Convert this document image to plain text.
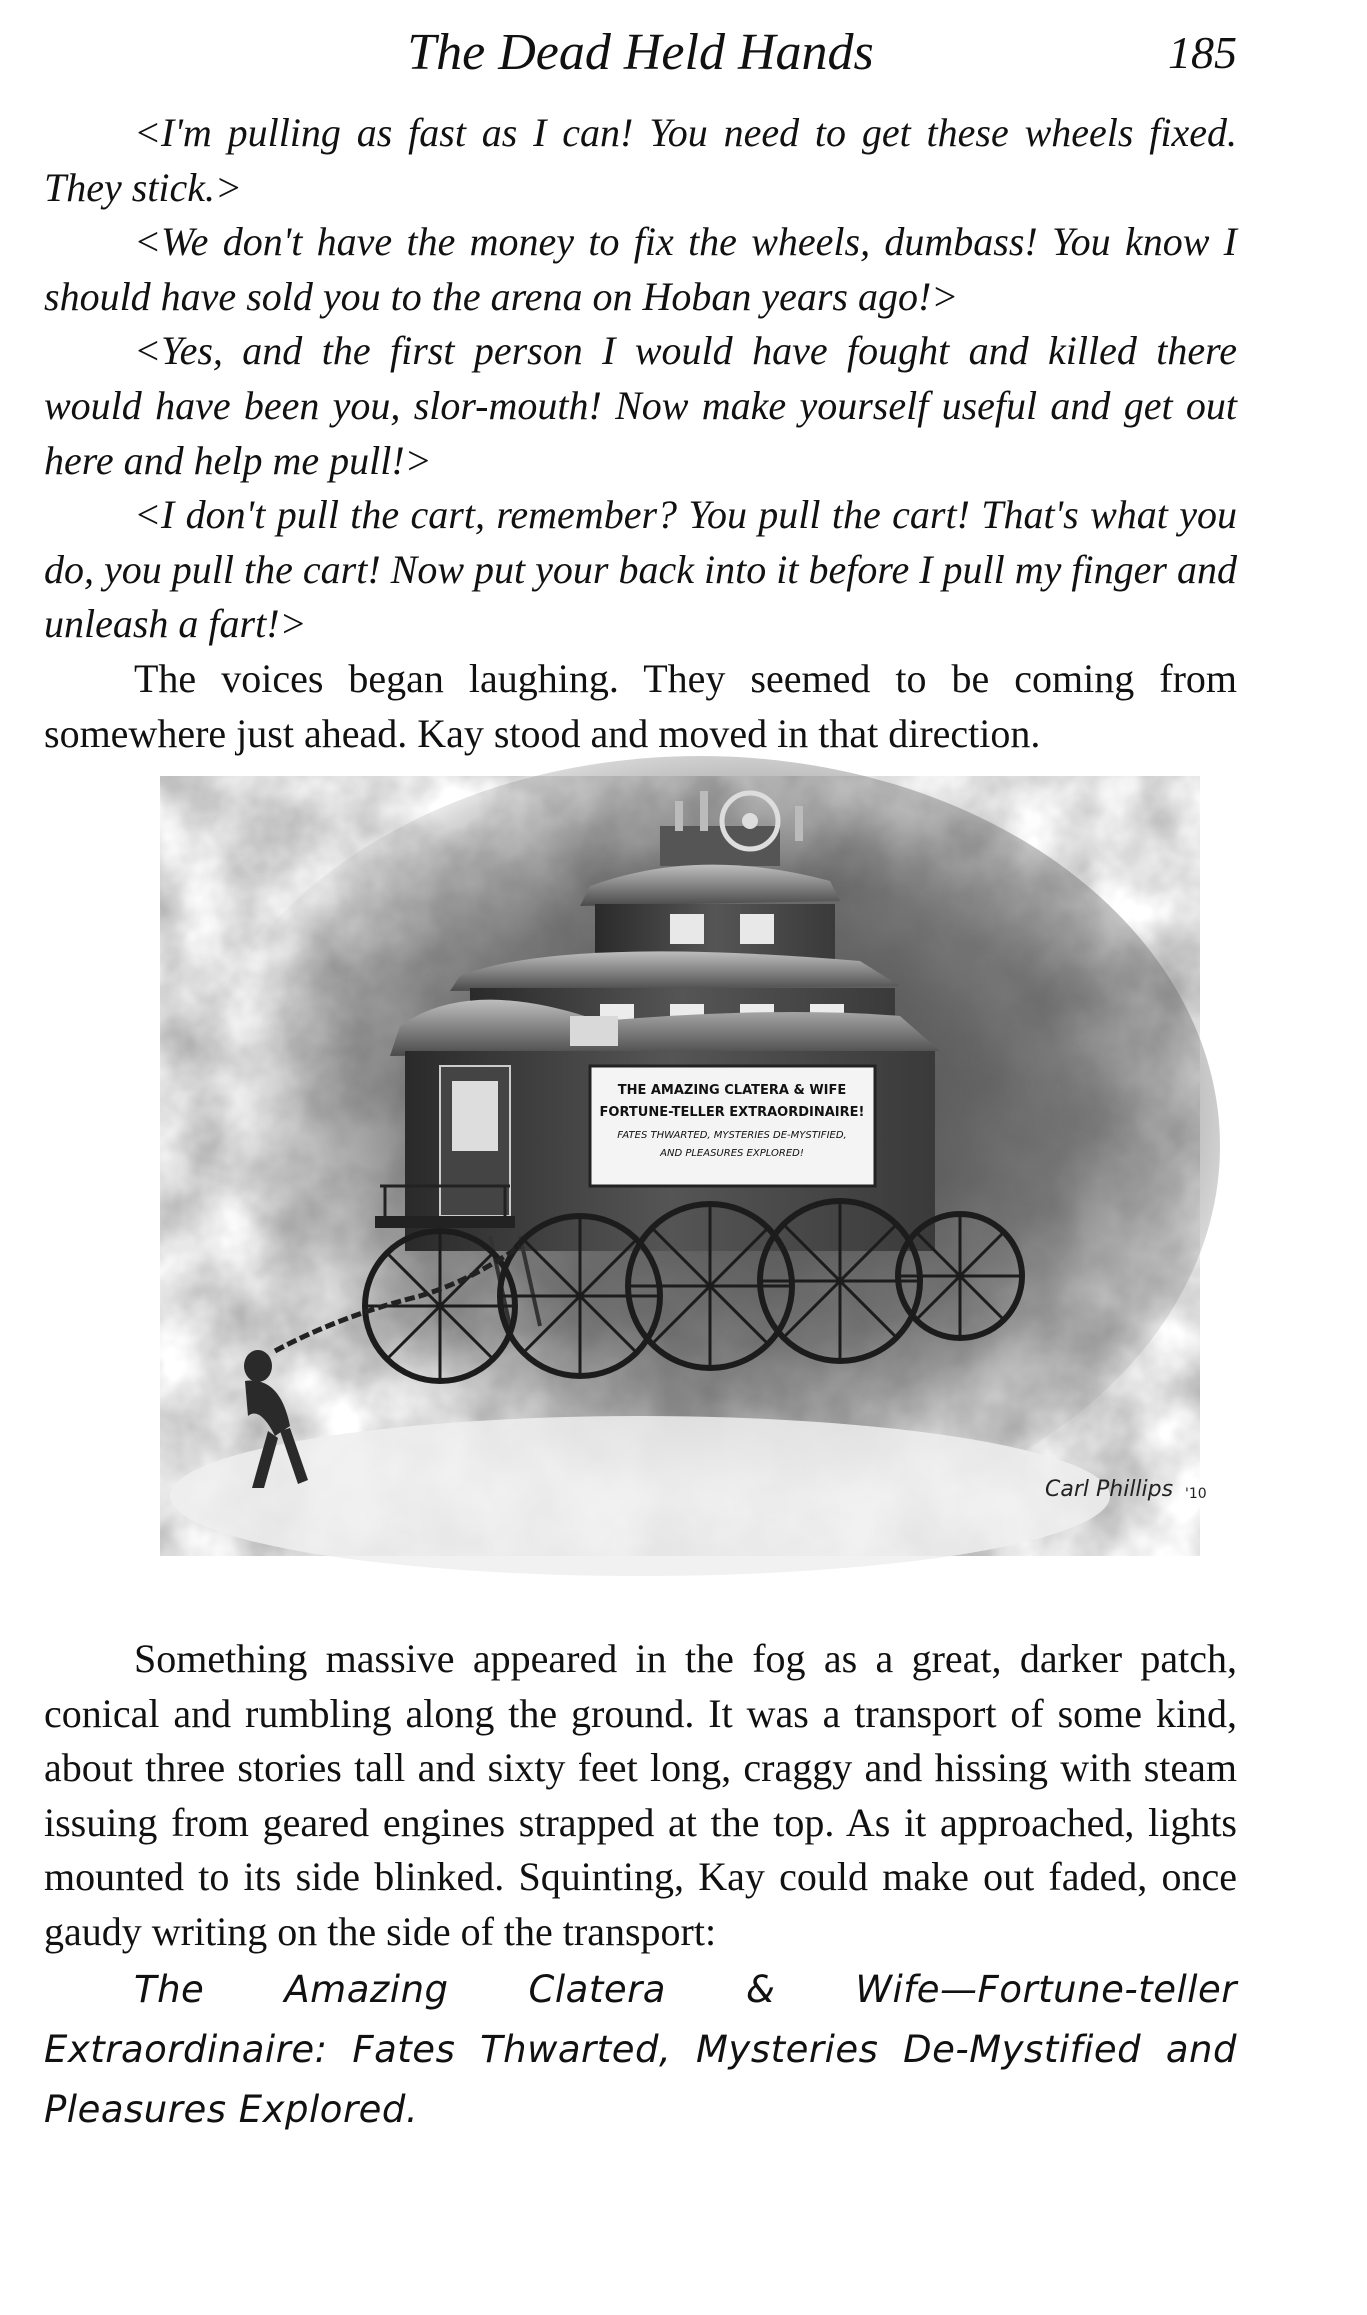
The Dead Held Hands	185

<I'm pulling as fast as I can! You need to get these wheels fixed. They stick.>

<We don't have the money to fix the wheels, dumbass! You know I should have sold you to the arena on Hoban years ago!>

<Yes, and the first person I would have fought and killed there would have been you, slor-mouth! Now make yourself useful and get out here and help me pull!>

<I don't pull the cart, remember? You pull the cart! That's what you do, you pull the cart! Now put your back into it before I pull my finger and unleash a fart!>

The voices began laughing. They seemed to be coming from somewhere just ahead. Kay stood and moved in that direction.

THE AMAZING CLATERA & WIFE
FORTUNE-TELLER EXTRAORDINAIRE!
FATES THWARTED, MYSTERIES DE-MYSTIFIED,
AND PLEASURES EXPLORED!
Carl Phillips '10

Something massive appeared in the fog as a great, darker patch, conical and rumbling along the ground. It was a transport of some kind, about three stories tall and sixty feet long, craggy and hissing with steam issuing from geared engines strapped at the top. As it approached, lights mounted to its side blinked. Squinting, Kay could make out faded, once gaudy writing on the side of the transport:

The Amazing Clatera & Wife—Fortune-teller Extraordinaire: Fates Thwarted, Mysteries De-Mystified and Pleasures Explored.
